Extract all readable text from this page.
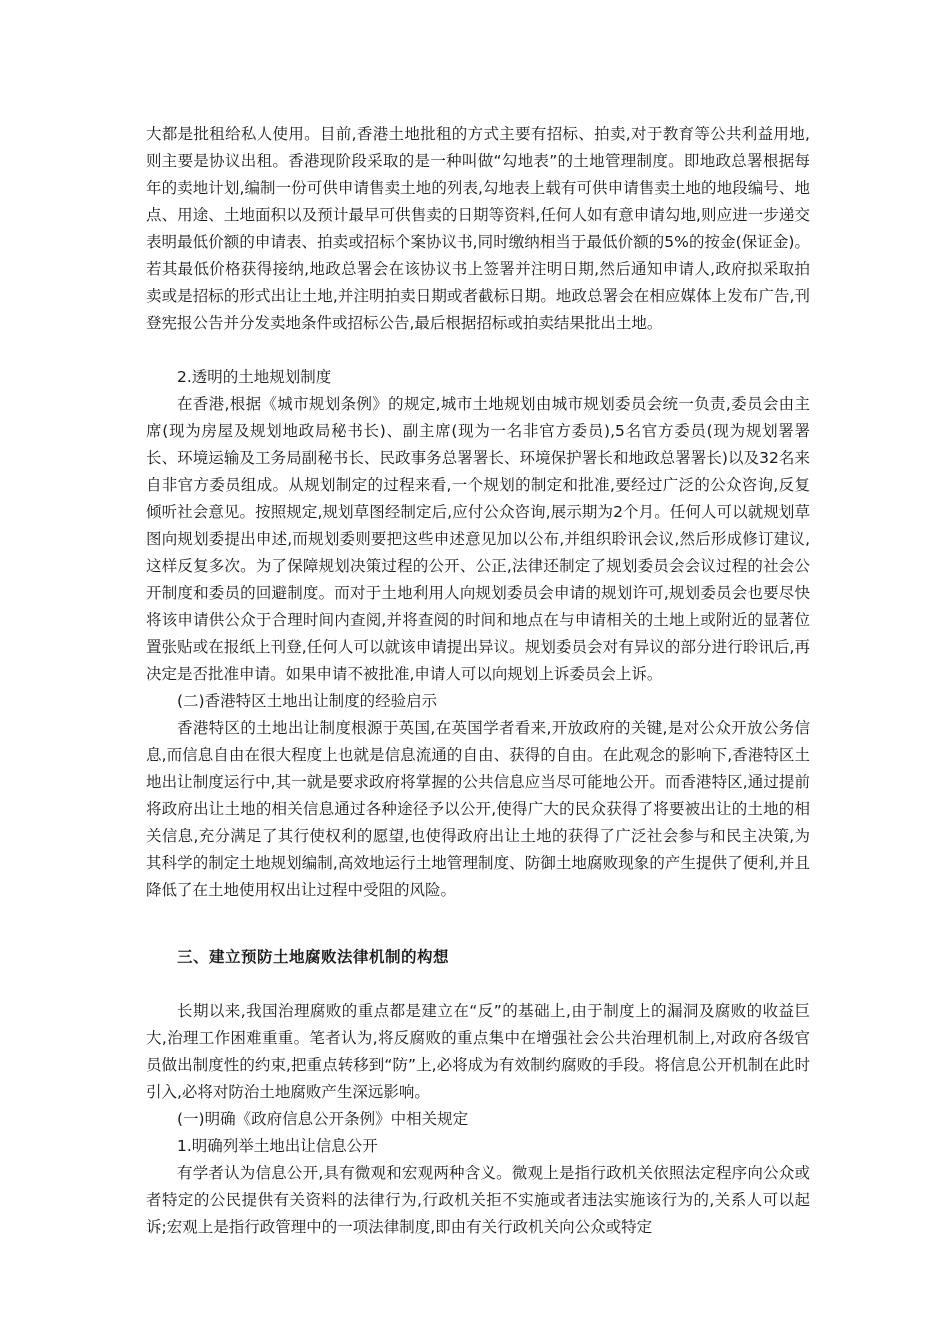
大都是批租给私人使用。目前,香港土地批租的方式主要有招标、拍卖,对于教育等公共利益用地,则主要是协议出租。香港现阶段采取的是一种叫做“勾地表”的土地管理制度。即地政总署根据每年的卖地计划,编制一份可供申请售卖土地的列表,勾地表上载有可供申请售卖土地的地段编号、地点、用途、土地面积以及预计最早可供售卖的日期等资料,任何人如有意申请勾地,则应进一步递交表明最低价额的申请表、拍卖或招标个案协议书,同时缴纳相当于最低价额的5%的按金(保证金)。若其最低价格获得接纳,地政总署会在该协议书上签署并注明日期,然后通知申请人,政府拟采取拍卖或是招标的形式出让土地,并注明拍卖日期或者截标日期。地政总署会在相应媒体上发布广告,刊登宪报公告并分发卖地条件或招标公告,最后根据招标或拍卖结果批出土地。

2.透明的土地规划制度

在香港,根据《城市规划条例》的规定,城市土地规划由城市规划委员会统一负责,委员会由主席(现为房屋及规划地政局秘书长)、副主席(现为一名非官方委员),5名官方委员(现为规划署署长、环境运输及工务局副秘书长、民政事务总署署长、环境保护署长和地政总署署长)以及32名来自非官方委员组成。从规划制定的过程来看,一个规划的制定和批准,要经过广泛的公众咨询,反复倾听社会意见。按照规定,规划草图经制定后,应付公众咨询,展示期为2个月。任何人可以就规划草图向规划委提出申述,而规划委则要把这些申述意见加以公布,并组织聆讯会议,然后形成修订建议,这样反复多次。为了保障规划决策过程的公开、公正,法律还制定了规划委员会会议过程的社会公开制度和委员的回避制度。而对于土地利用人向规划委员会申请的规划许可,规划委员会也要尽快将该申请供公众于合理时间内查阅,并将查阅的时间和地点在与申请相关的土地上或附近的显著位置张贴或在报纸上刊登,任何人可以就该申请提出异议。规划委员会对有异议的部分进行聆讯后,再决定是否批准申请。如果申请不被批准,申请人可以向规划上诉委员会上诉。

(二)香港特区土地出让制度的经验启示

香港特区的土地出让制度根源于英国,在英国学者看来,开放政府的关键,是对公众开放公务信息,而信息自由在很大程度上也就是信息流通的自由、获得的自由。在此观念的影响下,香港特区土地出让制度运行中,其一就是要求政府将掌握的公共信息应当尽可能地公开。而香港特区,通过提前将政府出让土地的相关信息通过各种途径予以公开,使得广大的民众获得了将要被出让的土地的相关信息,充分满足了其行使权利的愿望,也使得政府出让土地的获得了广泛社会参与和民主决策,为其科学的制定土地规划编制,高效地运行土地管理制度、防御土地腐败现象的产生提供了便利,并且降低了在土地使用权出让过程中受阻的风险。

三、建立预防土地腐败法律机制的构想

长期以来,我国治理腐败的重点都是建立在“反”的基础上,由于制度上的漏洞及腐败的收益巨大,治理工作困难重重。笔者认为,将反腐败的重点集中在增强社会公共治理机制上,对政府各级官员做出制度性的约束,把重点转移到“防”上,必将成为有效制约腐败的手段。将信息公开机制在此时引入,必将对防治土地腐败产生深远影响。

(一)明确《政府信息公开条例》中相关规定

1.明确列举土地出让信息公开

有学者认为信息公开,具有微观和宏观两种含义。微观上是指行政机关依照法定程序向公众或者特定的公民提供有关资料的法律行为,行政机关拒不实施或者违法实施该行为的,关系人可以起诉;宏观上是指行政管理中的一项法律制度,即由有关行政机关向公众或特定
